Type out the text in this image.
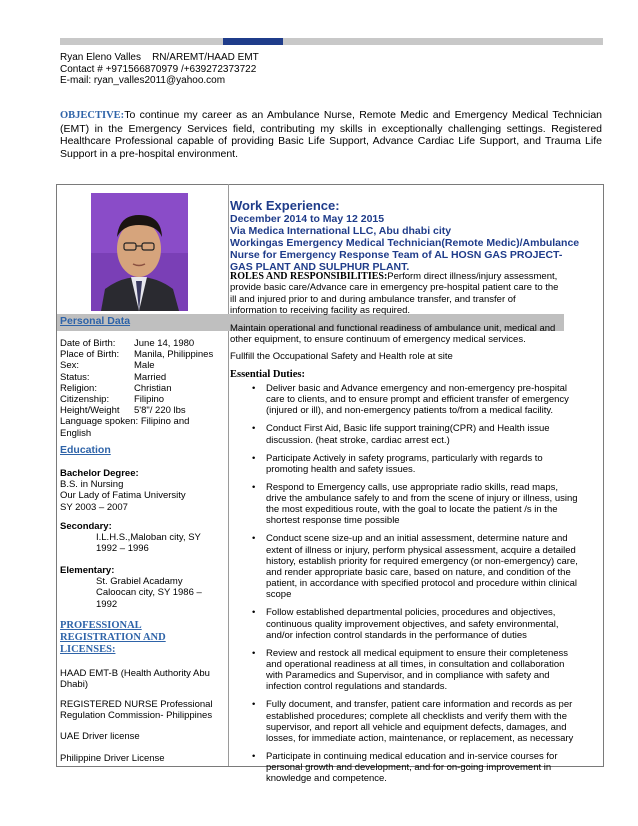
Ryan Eleno Valles    RN/AREMT/HAAD EMT
Contact # +971566870979 /+639272373722
E-mail: ryan_valles2011@yahoo.com
OBJECTIVE:To continue my career as an Ambulance Nurse, Remote Medic and Emergency Medical Technician (EMT) in the Emergency Services field, contributing my skills in exceptionally challenging settings. Registered Healthcare Professional capable of providing Basic Life Support, Advance Cardiac Life Support, and Trauma Life Support in a pre-hospital environment.
Personal Data
Date of Birth:	June 14, 1980
Place of Birth:	Manila, Philippines
Sex:	Male
Status:	Married
Religion:	Christian
Citizenship:	Filipino
Height/Weight	5'8"/ 220 lbs
Language spoken: Filipino and
English
Education
Bachelor Degree:
B.S. in Nursing
Our Lady of Fatima University
SY 2003 – 2007
Secondary:
I.L.H.S.,Maloban city, SY
1992 – 1996
Elementary:
St. Grabiel Acadamy
Caloocan city, SY 1986 –
1992
PROFESSIONAL
REGISTRATION AND
LICENSES:
HAAD EMT-B (Health Authority Abu
Dhabi)
REGISTERED NURSE Professional
Regulation Commission- Philippines
UAE Driver license
Philippine Driver License
Work Experience:
December 2014 to May 12 2015
Via Medica International LLC, Abu dhabi city
Workingas Emergency Medical Technician(Remote Medic)/Ambulance
Nurse for Emergency Response Team of AL HOSN GAS PROJECT-
GAS PLANT AND SULPHUR PLANT.
ROLES AND RESPONSIBILITIES:Perform direct illness/injury assessment, provide basic care/Advance care in emergency pre-hospital patient care to the ill and injured prior to and during ambulance transfer, and transfer of information to receiving facility as required.
Maintain operational and functional readiness of ambulance unit, medical and other equipment, to ensure continuum of emergency medical services.
Fullfill the Occupational Safety and Health role at site
Essential Duties:
• Deliver basic and Advance emergency and non-emergency pre-hospital care to clients, and to ensure prompt and efficient transfer of emergency (injured or ill), and non-emergency patients to/from a medical facility.
• Conduct First Aid, Basic life support training(CPR) and Health issue discussion. (heat stroke, cardiac arrest ect.)
• Participate Actively in safety programs, particularly with regards to promoting health and safety issues.
• Respond to Emergency calls, use appropriate radio skills, read maps, drive the ambulance safely to and from the scene of injury or illness, using the most expeditious route, with the goal to locate the patient /s in the shortest response time possible
• Conduct scene size-up and an initial assessment, determine nature and extent of illness or injury, perform physical assessment, acquire a detailed history, establish priority for required emergency (or non-emergency) care, and render appropriate basic care, based on nature, and condition of the patient, in accordance with specified protocol and procedure within clinical scope
• Follow established departmental policies, procedures and objectives, continuous quality improvement objectives, and safety environmental, and/or infection control standards in the performance of duties
• Review and restock all medical equipment to ensure their completeness and operational readiness at all times, in consultation and collaboration with Paramedics and Supervisor, and in compliance with safety and infection control regulations and standards.
• Fully document, and transfer, patient care information and records as per established procedures; complete all checklists and verify them with the supervisor, and report all vehicle and equipment defects, damages, and losses, for immediate action, maintenance, or replacement, as necessary
• Participate in continuing medical education and in-service courses for personal growth and development, and for on-going improvement in knowledge and competence.
